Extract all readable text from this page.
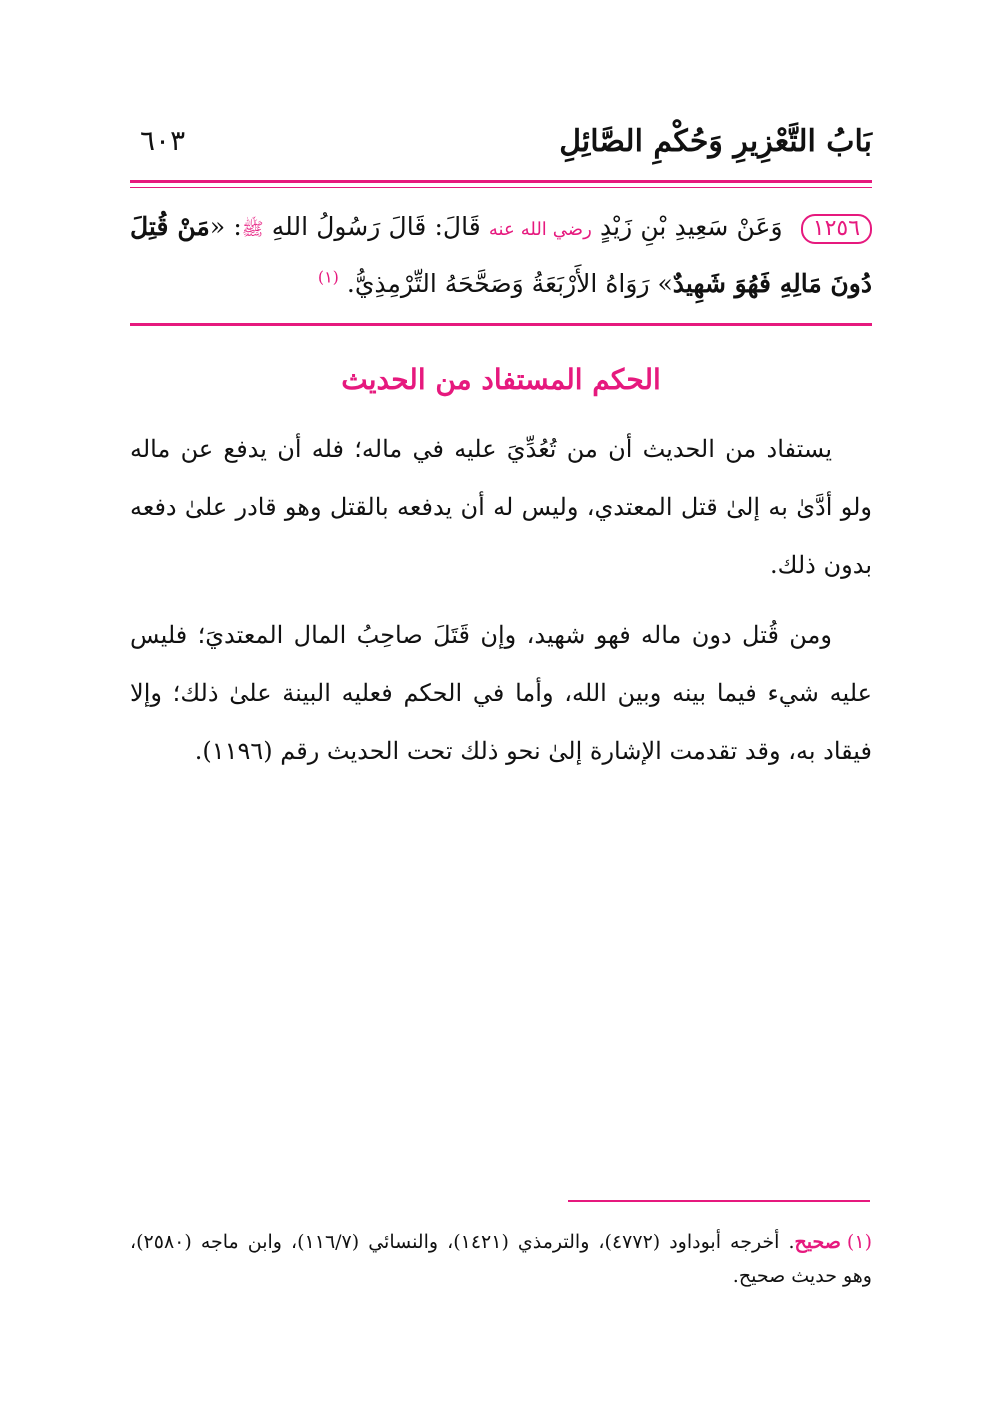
بَابُ التَّعْزِيرِ وَحُكْمِ الصَّائِلِ
٦٠٣
١٢٥٦ وَعَنْ سَعِيدِ بْنِ زَيْدٍ رضي الله عنه قَالَ: قَالَ رَسُولُ اللهِ ﷺ: «مَنْ قُتِلَ دُونَ مَالِهِ فَهُوَ شَهِيدٌ» رَوَاهُ الأَرْبَعَةُ وَصَحَّحَهُ التِّرْمِذِيُّ. $^{(١)}$
الحكم المستفاد من الحديث

يستفاد من الحديث أن من تُعُدِّيَ عليه في ماله؛ فله أن يدفع عن ماله ولو أدَّىٰ به إلىٰ قتل المعتدي، وليس له أن يدفعه بالقتل وهو قادر علىٰ دفعه بدون ذلك.

ومن قُتل دون ماله فهو شهيد، وإن قَتَلَ صاحِبُ المال المعتديَ؛ فليس عليه شيء فيما بينه وبين الله، وأما في الحكم فعليه البينة علىٰ ذلك؛ وإلا فيقاد به، وقد تقدمت الإشارة إلىٰ نحو ذلك تحت الحديث رقم (١١٩٦).

(١)صحيح. أخرجه أبوداود (٤٧٧٢)، والترمذي (١٤٢١)، والنسائي (١١٦/٧)، وابن ماجه (٢٥٨٠)، وهو حديث صحيح.
